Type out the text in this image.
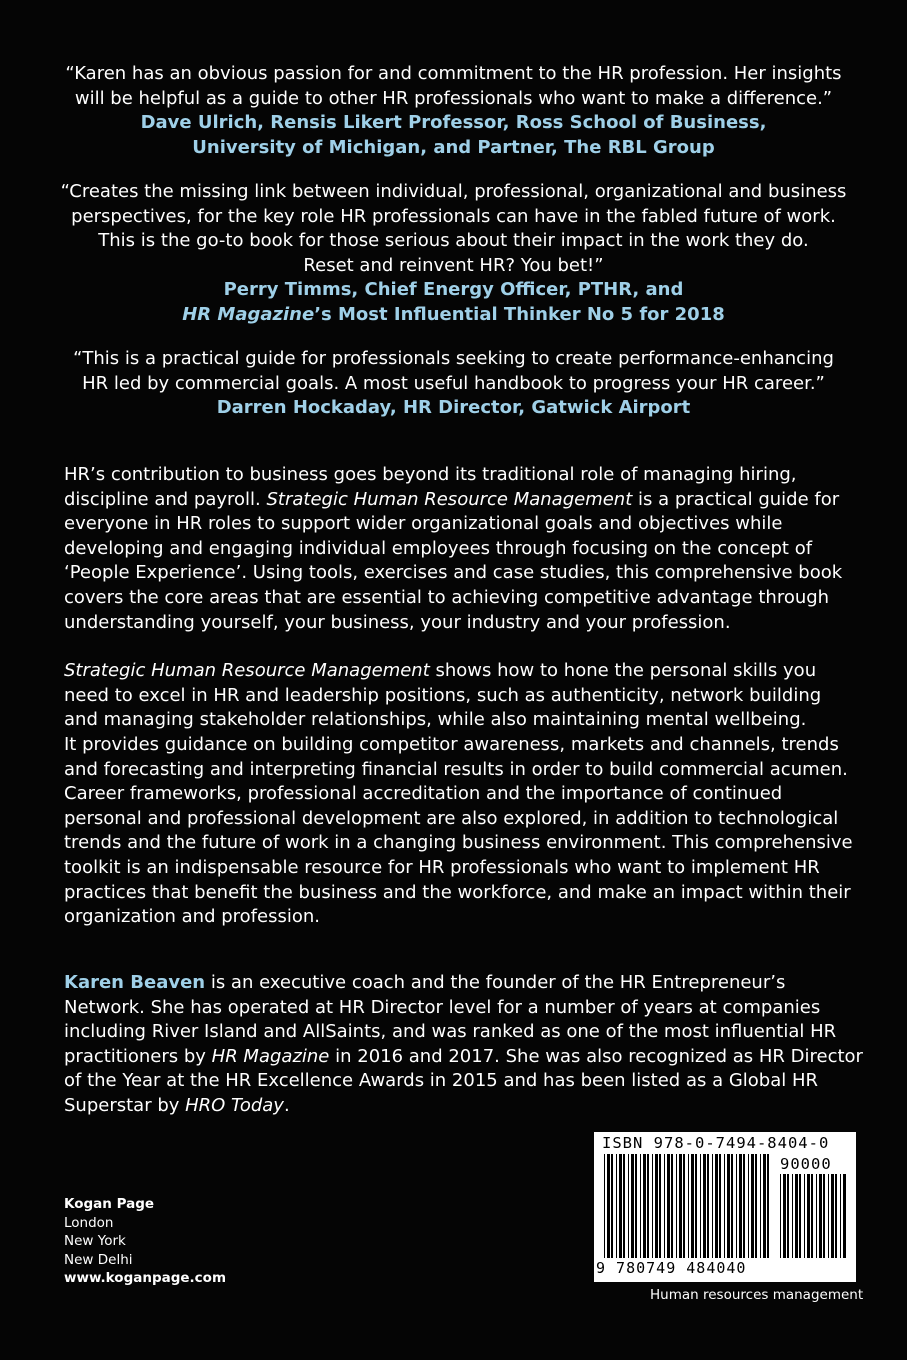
“Karen has an obvious passion for and commitment to the HR profession. Her insights
will be helpful as a guide to other HR professionals who want to make a difference.”
Dave Ulrich, Rensis Likert Professor, Ross School of Business,
University of Michigan, and Partner, The RBL Group
“Creates the missing link between individual, professional, organizational and business
perspectives, for the key role HR professionals can have in the fabled future of work.
This is the go-to book for those serious about their impact in the work they do.
Reset and reinvent HR? You bet!”
Perry Timms, Chief Energy Officer, PTHR, and
HR Magazine’s Most Influential Thinker No 5 for 2018
“This is a practical guide for professionals seeking to create performance-enhancing
HR led by commercial goals. A most useful handbook to progress your HR career.”
Darren Hockaday, HR Director, Gatwick Airport

HR’s contribution to business goes beyond its traditional role of managing hiring, discipline and payroll. Strategic Human Resource Management is a practical guide for everyone in HR roles to support wider organizational goals and objectives while developing and engaging individual employees through focusing on the concept of ‘People Experience’. Using tools, exercises and case studies, this comprehensive book covers the core areas that are essential to achieving competitive advantage through understanding yourself, your business, your industry and your profession.

Strategic Human Resource Management shows how to hone the personal skills you need to excel in HR and leadership positions, such as authenticity, network building and managing stakeholder relationships, while also maintaining mental wellbeing.
It provides guidance on building competitor awareness, markets and channels, trends and forecasting and interpreting financial results in order to build commercial acumen. Career frameworks, professional accreditation and the importance of continued personal and professional development are also explored, in addition to technological trends and the future of work in a changing business environment. This comprehensive toolkit is an indispensable resource for HR professionals who want to implement HR practices that benefit the business and the workforce, and make an impact within their organization and profession.

Karen Beaven is an executive coach and the founder of the HR Entrepreneur’s Network. She has operated at HR Director level for a number of years at companies including River Island and AllSaints, and was ranked as one of the most influential HR practitioners by HR Magazine in 2016 and 2017. She was also recognized as HR Director of the Year at the HR Excellence Awards in 2015 and has been listed as a Global HR Superstar by HRO Today.
Kogan Page
London
New York
New Delhi
www.koganpage.com
ISBN 978-0-7494-8404-0
90000
9 780749 484040
Human resources management
